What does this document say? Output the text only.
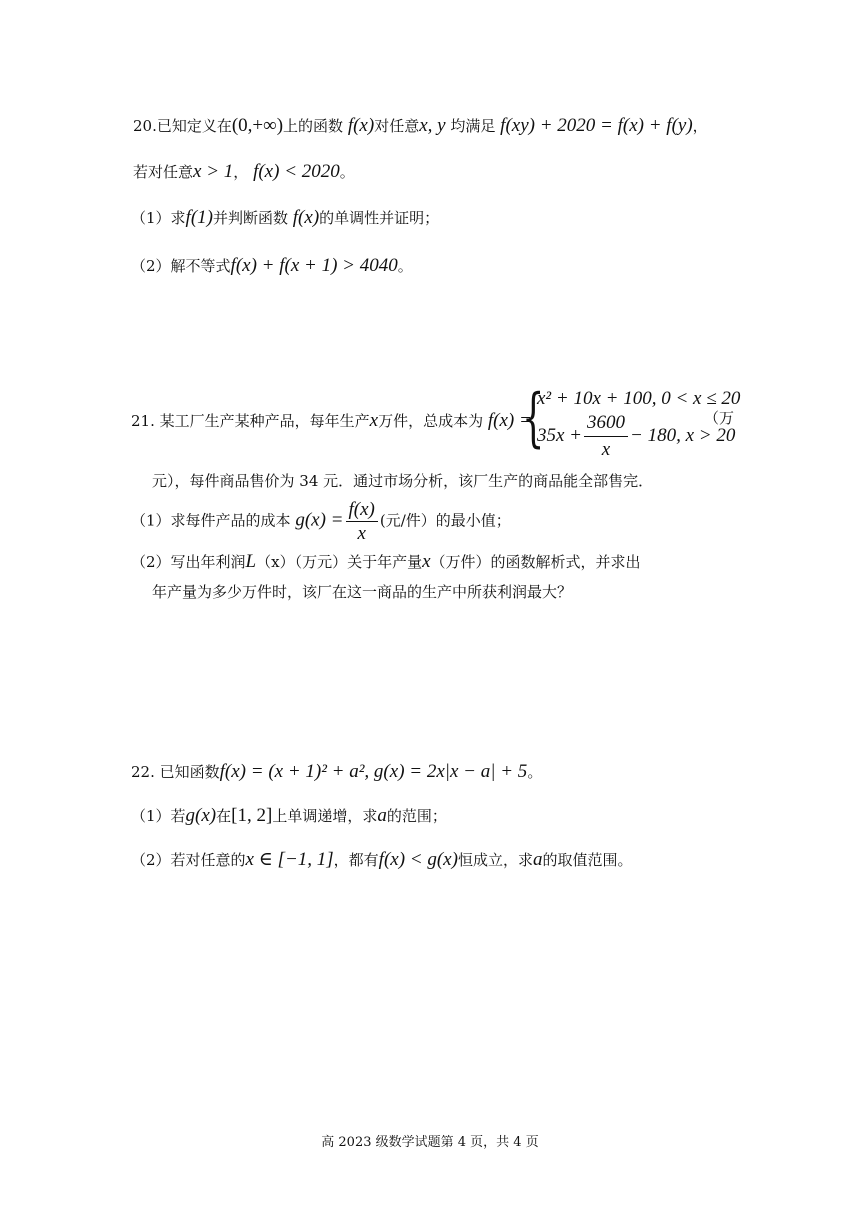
20.已知定义在(0,+∞)上的函数 f(x)对任意x, y 均满足 f(xy) + 2020 = f(x) + f(y)，
若对任意x > 1， f(x) < 2020。
（1）求f(1)并判断函数 f(x)的单调性并证明；
（2）解不等式f(x) + f(x + 1) > 4040。
21. 某工厂生产某种产品，每年生产x万件，总成本为 f(x) =
{
x² + 10x + 100, 0 < x ≤ 20
$35x + \frac{3600}{x} - 180$, x > 20
（万
元），每件商品售价为 34 元．通过市场分析，该厂生产的商品能全部售完．
（1）求每件产品的成本 $g(x) = \frac{f(x)}{x}$ (元/件）的最小值；
（2）写出年利润L（x）（万元）关于年产量x（万件）的函数解析式，并求出
年产量为多少万件时，该厂在这一商品的生产中所获利润最大？
22. 已知函数f(x) = (x + 1)² + a², g(x) = 2x|x − a| + 5。
（1）若g(x)在[1, 2]上单调递增，求a的范围；
（2）若对任意的x ∈ [−1, 1]，都有f(x) < g(x)恒成立，求a的取值范围。
高 2023 级数学试题第 4 页，共 4 页
